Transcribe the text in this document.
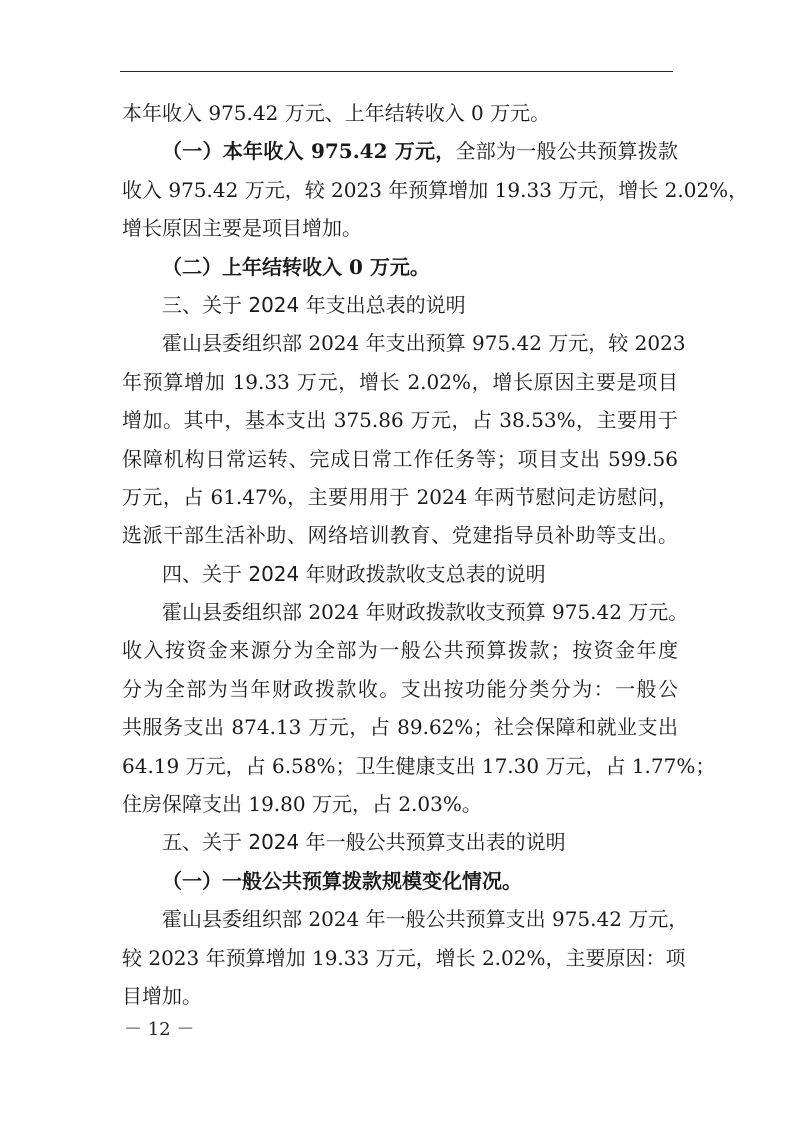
本年收入 975.42 万元、上年结转收入 0 万元。
（一）本年收入 975.42 万元，全部为一般公共预算拨款
收入 975.42 万元，较 2023 年预算增加 19.33 万元，增长 2.02%，
增长原因主要是项目增加。
（二）上年结转收入 0 万元。
三、关于 2024 年支出总表的说明
霍山县委组织部 2024 年支出预算 975.42 万元，较 2023
年预算增加 19.33 万元，增长 2.02%，增长原因主要是项目
增加。其中，基本支出 375.86 万元，占 38.53%，主要用于
保障机构日常运转、完成日常工作任务等；项目支出 599.56
万元，占 61.47%，主要用用于 2024 年两节慰问走访慰问，
选派干部生活补助、网络培训教育、党建指导员补助等支出。
四、关于 2024 年财政拨款收支总表的说明
霍山县委组织部 2024 年财政拨款收支预算 975.42 万元。
收入按资金来源分为全部为一般公共预算拨款；按资金年度
分为全部为当年财政拨款收。支出按功能分类分为：一般公
共服务支出 874.13 万元，占 89.62%；社会保障和就业支出
64.19 万元，占 6.58%；卫生健康支出 17.30 万元，占 1.77%；
住房保障支出 19.80 万元，占 2.03%。
五、关于 2024 年一般公共预算支出表的说明
（一）一般公共预算拨款规模变化情况。
霍山县委组织部 2024 年一般公共预算支出 975.42 万元，
较 2023 年预算增加 19.33 万元，增长 2.02%，主要原因：项
目增加。
－ 12 －
